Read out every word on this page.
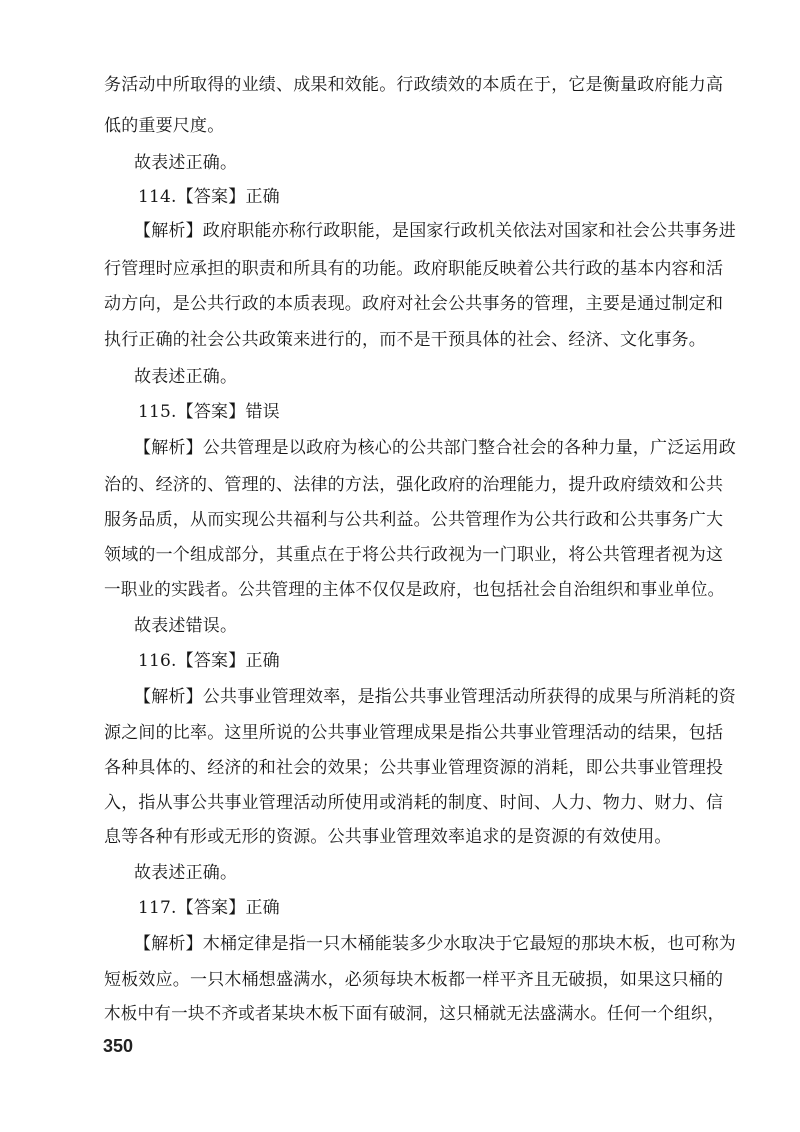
务活动中所取得的业绩、成果和效能。行政绩效的本质在于，它是衡量政府能力高
低的重要尺度。
故表述正确。
114.【答案】正确
【解析】政府职能亦称行政职能，是国家行政机关依法对国家和社会公共事务进
行管理时应承担的职责和所具有的功能。政府职能反映着公共行政的基本内容和活
动方向，是公共行政的本质表现。政府对社会公共事务的管理，主要是通过制定和
执行正确的社会公共政策来进行的，而不是干预具体的社会、经济、文化事务。
故表述正确。
115.【答案】错误
【解析】公共管理是以政府为核心的公共部门整合社会的各种力量，广泛运用政
治的、经济的、管理的、法律的方法，强化政府的治理能力，提升政府绩效和公共
服务品质，从而实现公共福利与公共利益。公共管理作为公共行政和公共事务广大
领域的一个组成部分，其重点在于将公共行政视为一门职业，将公共管理者视为这
一职业的实践者。公共管理的主体不仅仅是政府，也包括社会自治组织和事业单位。
故表述错误。
116.【答案】正确
【解析】公共事业管理效率，是指公共事业管理活动所获得的成果与所消耗的资
源之间的比率。这里所说的公共事业管理成果是指公共事业管理活动的结果，包括
各种具体的、经济的和社会的效果；公共事业管理资源的消耗，即公共事业管理投
入，指从事公共事业管理活动所使用或消耗的制度、时间、人力、物力、财力、信
息等各种有形或无形的资源。公共事业管理效率追求的是资源的有效使用。
故表述正确。
117.【答案】正确
【解析】木桶定律是指一只木桶能装多少水取决于它最短的那块木板，也可称为
短板效应。一只木桶想盛满水，必须每块木板都一样平齐且无破损，如果这只桶的
木板中有一块不齐或者某块木板下面有破洞，这只桶就无法盛满水。任何一个组织，
350
